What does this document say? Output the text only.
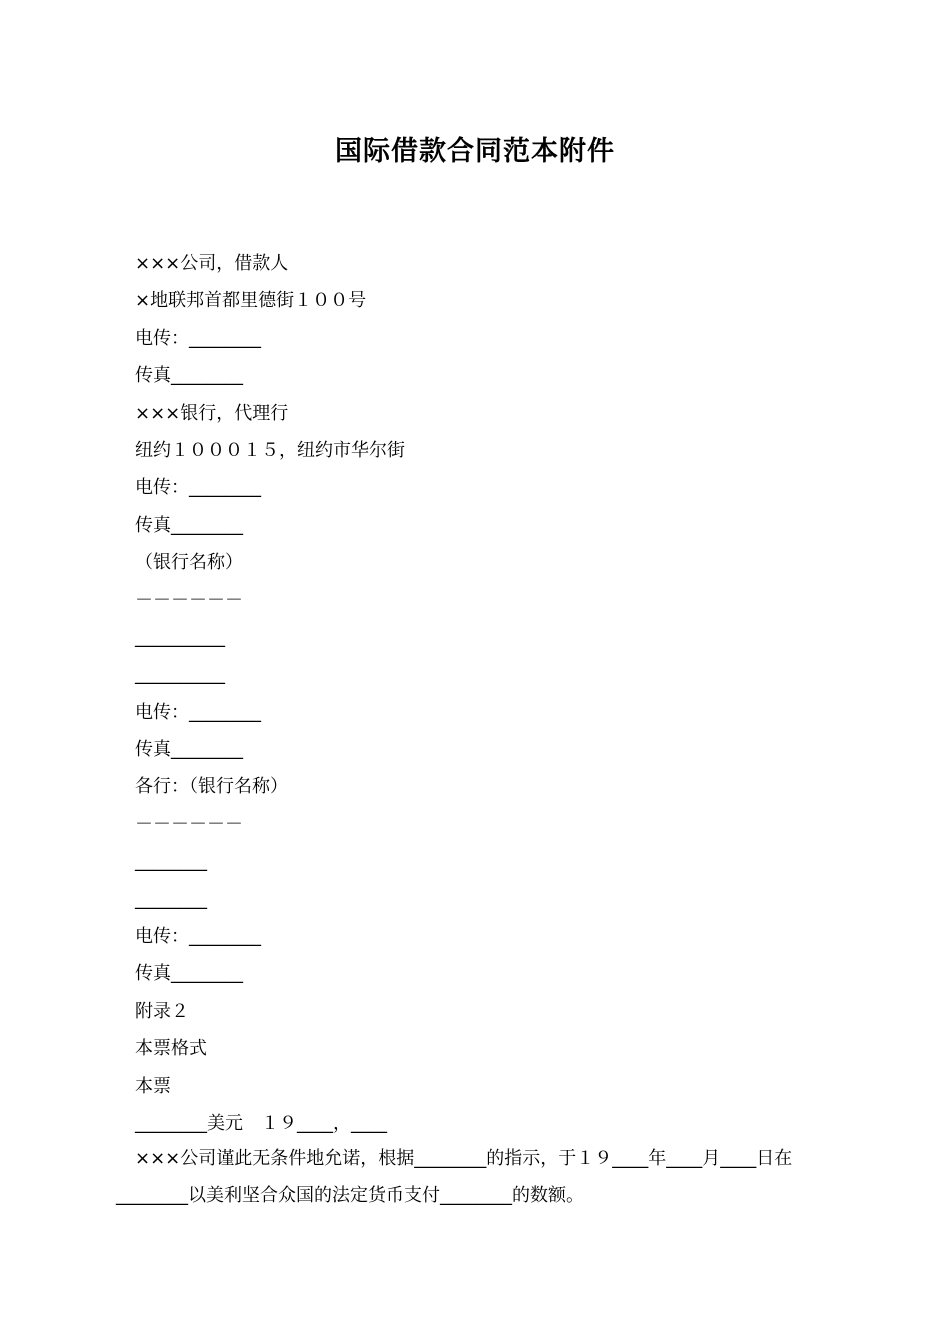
国际借款合同范本附件
×××公司，借款人
×地联邦首都里德街１００号
电传：________
传真________
×××银行，代理行
纽约１０００１５，纽约市华尔街
电传：________
传真________
（银行名称）
－－－－－－
__________
__________
电传：________
传真________
各行：（银行名称）
－－－－－－
________
________
电传：________
传真________
附录２
本票格式
本票
________美元　１９____，____
×××公司谨此无条件地允诺，根据________的指示，于１９____年____月____日在________以美利坚合众国的法定货币支付________的数额。
